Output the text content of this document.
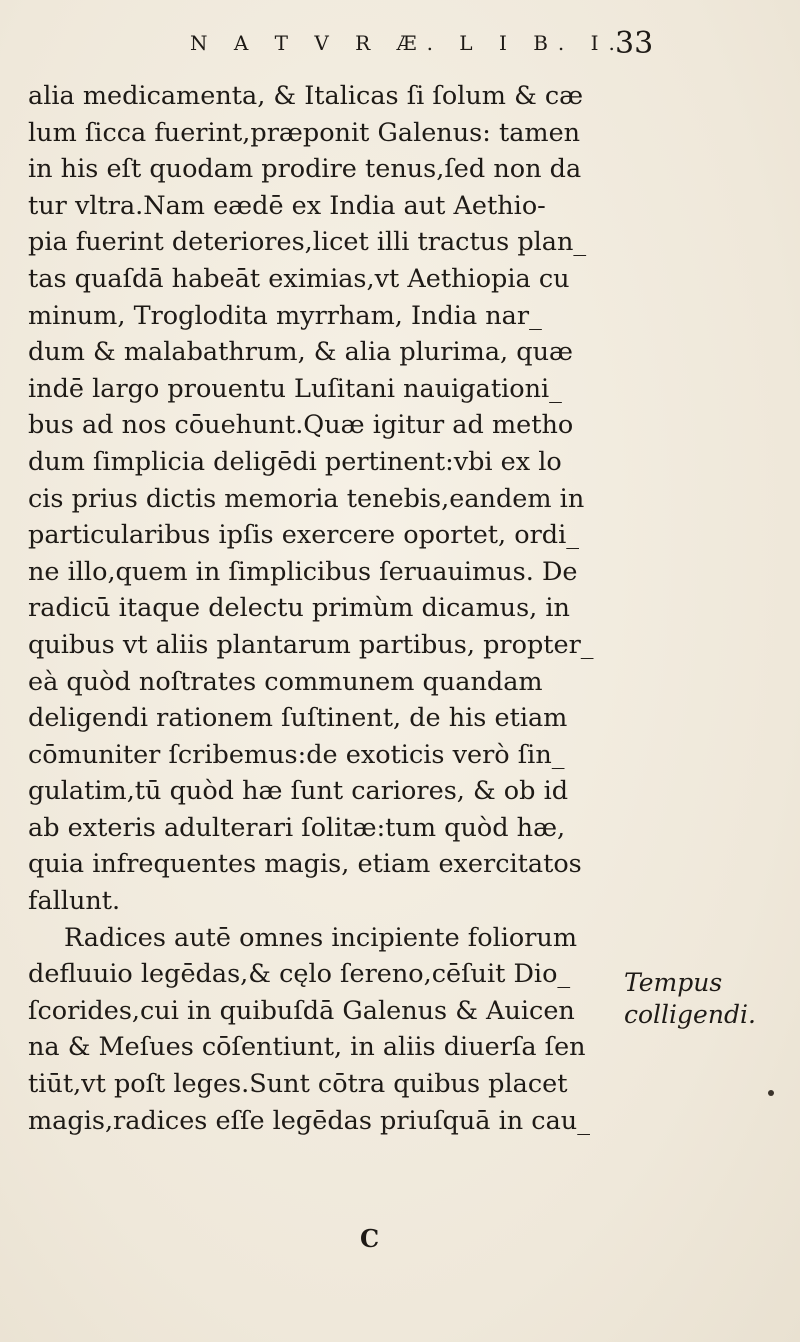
N A T V R Æ. L I B. I.
33
alia medicamenta, & Italicas ſi ſolum & cæ
lum ſicca fuerint,præponit Galenus: tamen
in his eſt quodam prodire tenus,ſed non da
tur vltra.Nam eædē ex India aut Aethio-
pia fuerint deteriores,licet illi tractus plan_
tas quaſdā habeāt eximias,vt Aethiopia cu
minum, Troglodita myrrham, India nar_
dum & malabathrum, & alia plurima, quæ
indē largo prouentu Luſitani nauigationi_
bus ad nos cōuehunt.Quæ igitur ad metho
dum ſimplicia deligēdi pertinent:vbi ex lo
cis prius dictis memoria tenebis,eandem in
particularibus ipſis exercere oportet, ordi_
ne illo,quem in ſimplicibus ſeruauimus. De
radicū itaque delectu primùm dicamus, in
quibus vt aliis plantarum partibus, propter_
eà quòd noſtrates communem quandam
deligendi rationem ſuſtinent, de his etiam
cōmuniter ſcribemus:de exoticis verò ſin_
gulatim,tū quòd hæ ſunt cariores, & ob id
ab exteris adulterari ſolitæ:tum quòd hæ,
quia infrequentes magis, etiam exercitatos
fallunt.
Radices autē omnes incipiente foliorum
defluuio legēdas,& cęlo ſereno,cēſuit Dio_
ſcorides,cui in quibuſdā Galenus & Auicen
na & Meſues cōſentiunt, in aliis diuerſa ſen
tiūt,vt poſt leges.Sunt cōtra quibus placet
magis,radices eſſe legēdas priuſquā in cau_
Tempus
colligendi.
C
